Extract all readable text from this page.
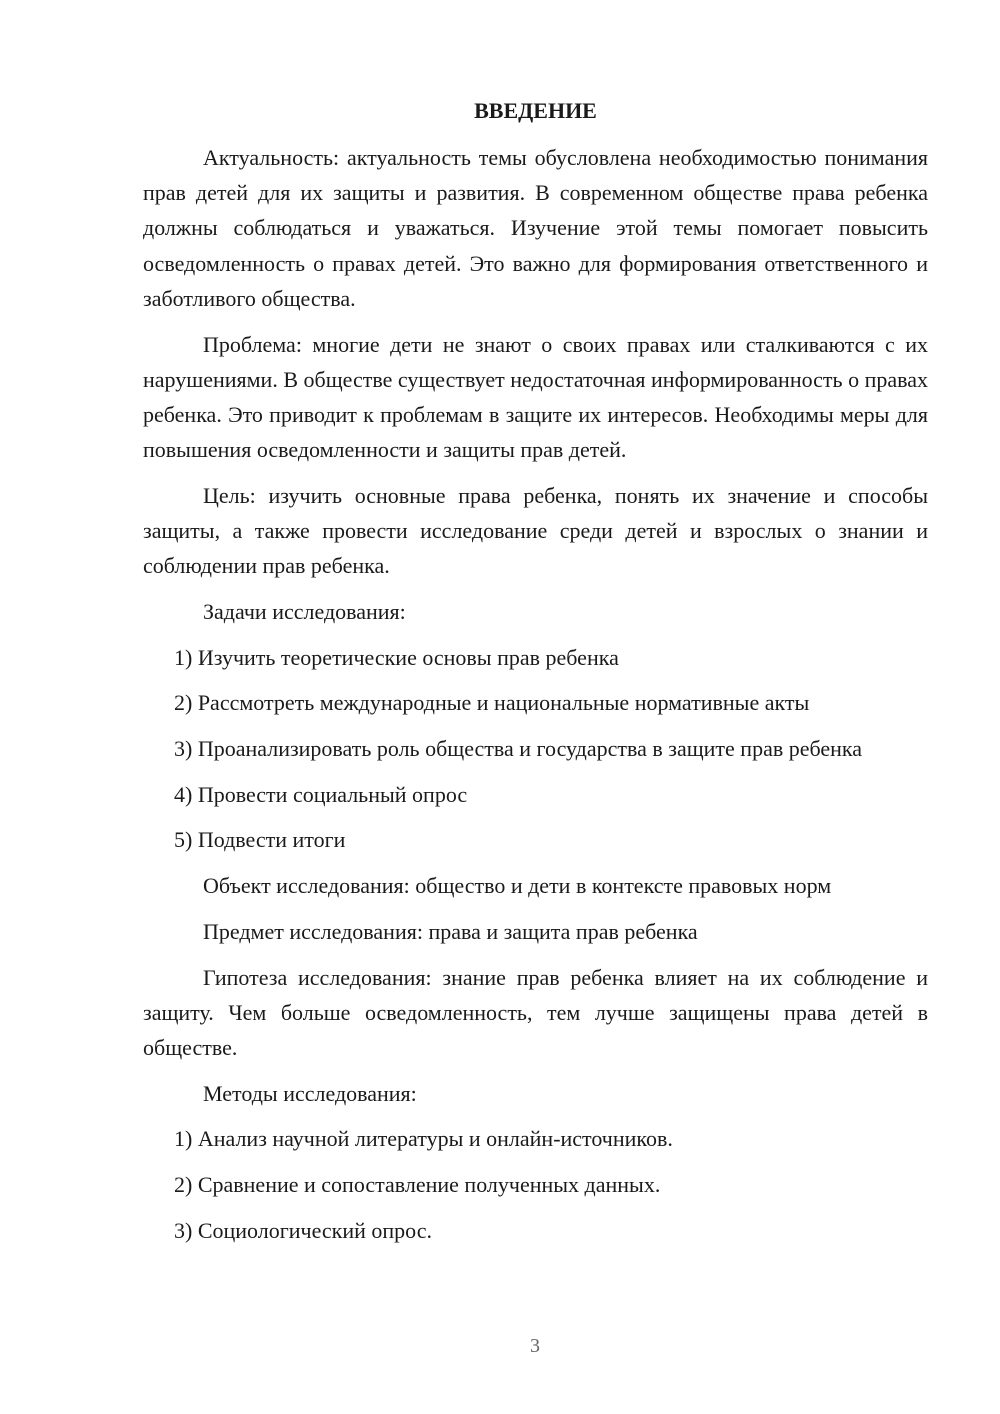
ВВЕДЕНИЕ

Актуальность: актуальность темы обусловлена необходимостью понимания прав детей для их защиты и развития. В современном обществе права ребенка должны соблюдаться и уважаться. Изучение этой темы помогает повысить осведомленность о правах детей. Это важно для формирования ответственного и заботливого общества.

Проблема: многие дети не знают о своих правах или сталкиваются с их нарушениями. В обществе существует недостаточная информированность о правах ребенка. Это приводит к проблемам в защите их интересов. Необходимы меры для повышения осведомленности и защиты прав детей.

Цель: изучить основные права ребенка, понять их значение и способы защиты, а также провести исследование среди детей и взрослых о знании и соблюдении прав ребенка.

Задачи исследования:

1) Изучить теоретические основы прав ребенка

2) Рассмотреть международные и национальные нормативные акты

3) Проанализировать роль общества и государства в защите прав ребенка

4) Провести социальный опрос

5) Подвести итоги

Объект исследования: общество и дети в контексте правовых норм

Предмет исследования: права и защита прав ребенка

Гипотеза исследования: знание прав ребенка влияет на их соблюдение и защиту. Чем больше осведомленность, тем лучше защищены права детей в обществе.

Методы исследования:

1) Анализ научной литературы и онлайн-источников.

2) Сравнение и сопоставление полученных данных.

3) Социологический опрос.

3
